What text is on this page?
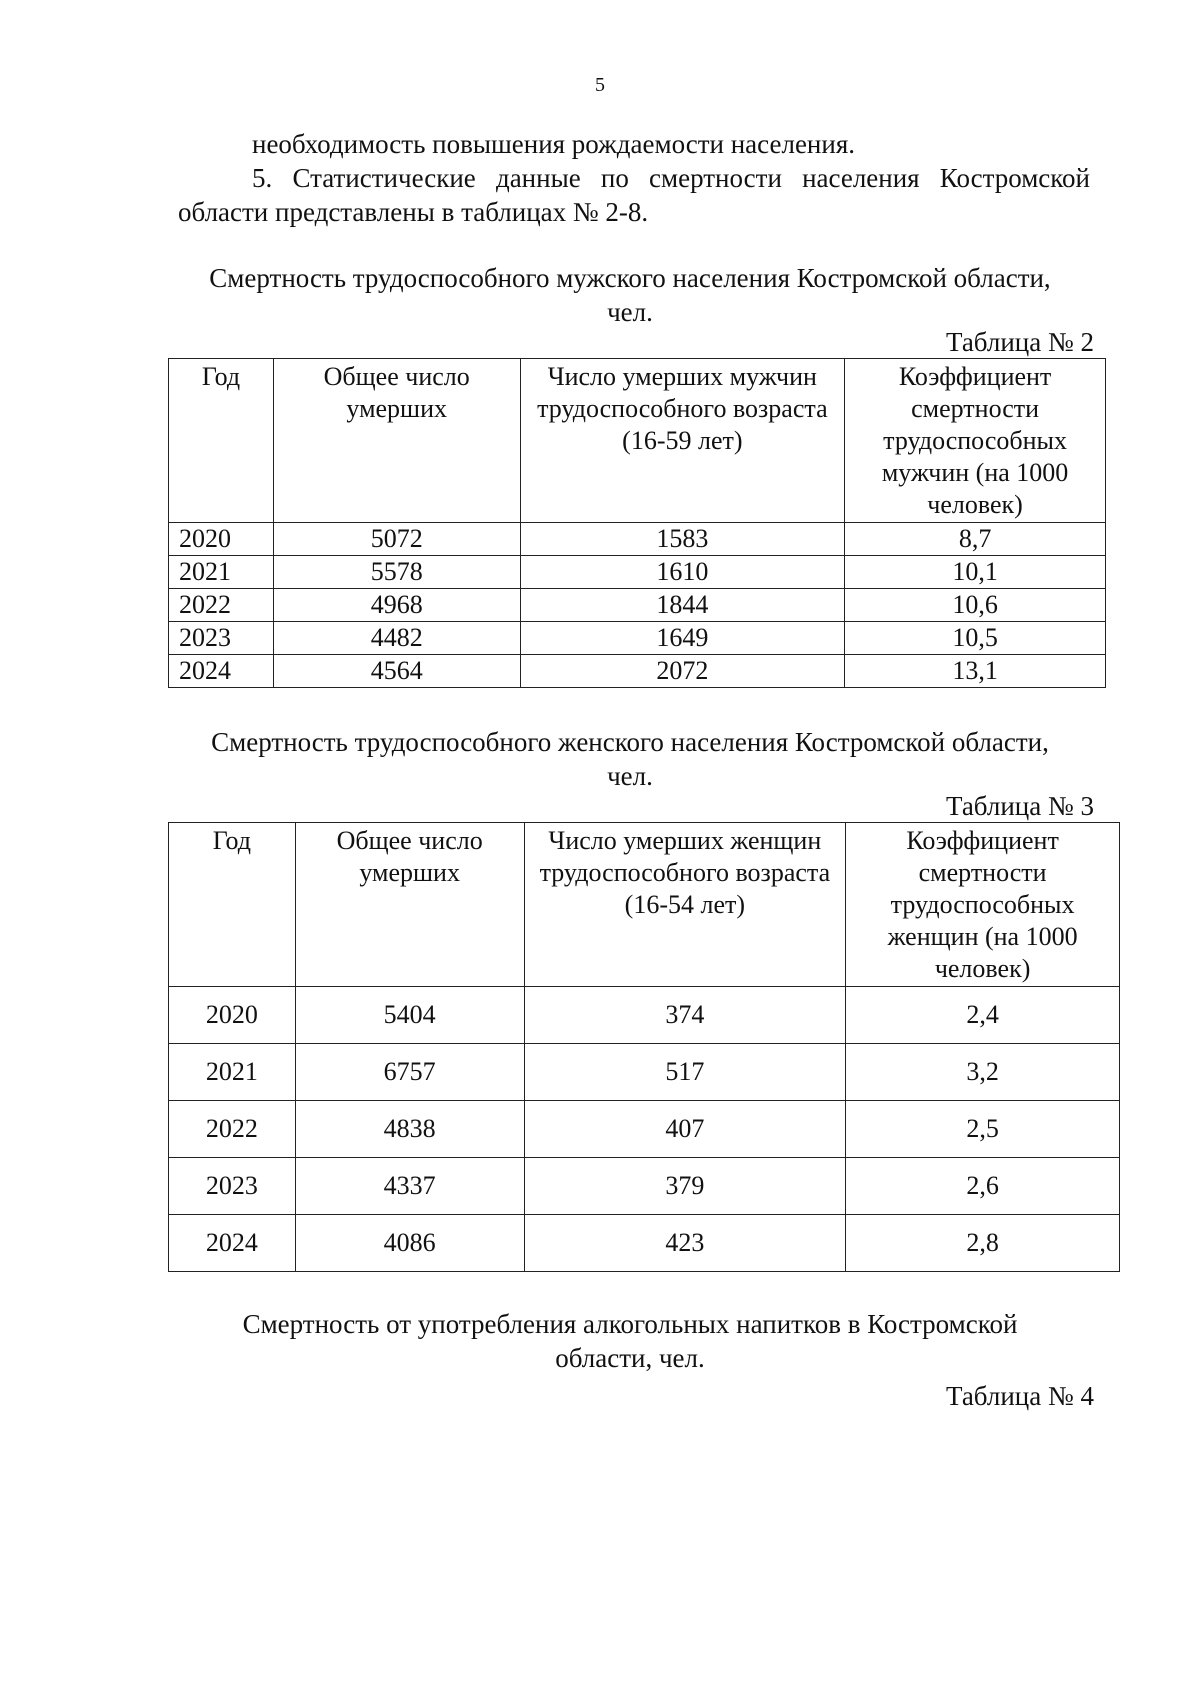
5
необходимость повышения рождаемости населения.
5. Статистические данные по смертности населения Костромской
области представлены в таблицах № 2-8.
Смертность трудоспособного мужского населения Костромской области,
чел.
Таблица № 2
Год	Общее число умерших	Число умерших мужчин трудоспособного возраста (16-59 лет)	Коэффициент смертности трудоспособных мужчин (на 1000 человек)
2020	5072	1583	8,7
2021	5578	1610	10,1
2022	4968	1844	10,6
2023	4482	1649	10,5
2024	4564	2072	13,1
Смертность трудоспособного женского населения Костромской области,
чел.
Таблица № 3
Год	Общее число умерших	Число умерших женщин трудоспособного возраста (16-54 лет)	Коэффициент смертности трудоспособных женщин (на 1000 человек)
2020	5404	374	2,4
2021	6757	517	3,2
2022	4838	407	2,5
2023	4337	379	2,6
2024	4086	423	2,8
Смертность от употребления алкогольных напитков в Костромской
области, чел.
Таблица № 4
